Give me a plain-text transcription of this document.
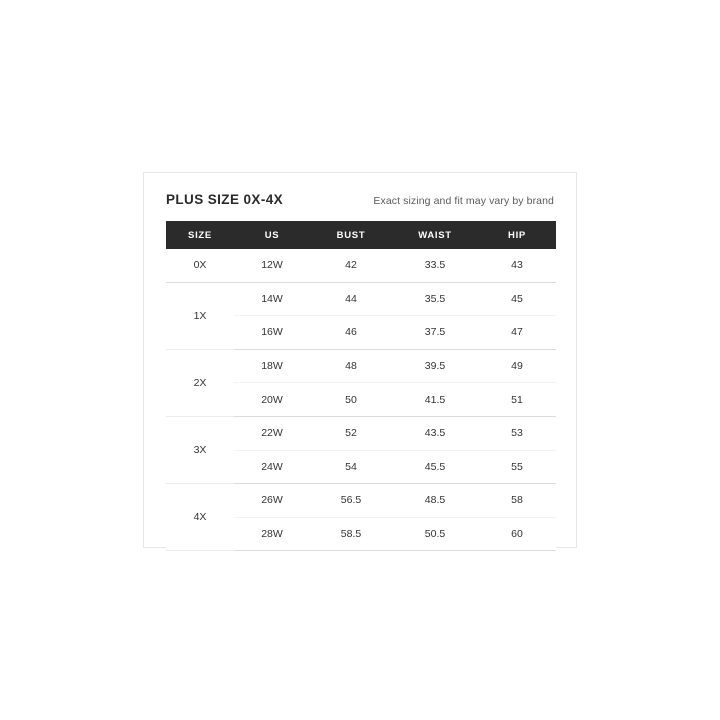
PLUS SIZE 0X-4X	Exact sizing and fit may vary by brand
SIZE	US	BUST	WAIST	HIP
0X	12W	42	33.5	43
1X	14W	44	35.5	45
	16W	46	37.5	47
2X	18W	48	39.5	49
	20W	50	41.5	51
3X	22W	52	43.5	53
	24W	54	45.5	55
4X	26W	56.5	48.5	58
	28W	58.5	50.5	60
